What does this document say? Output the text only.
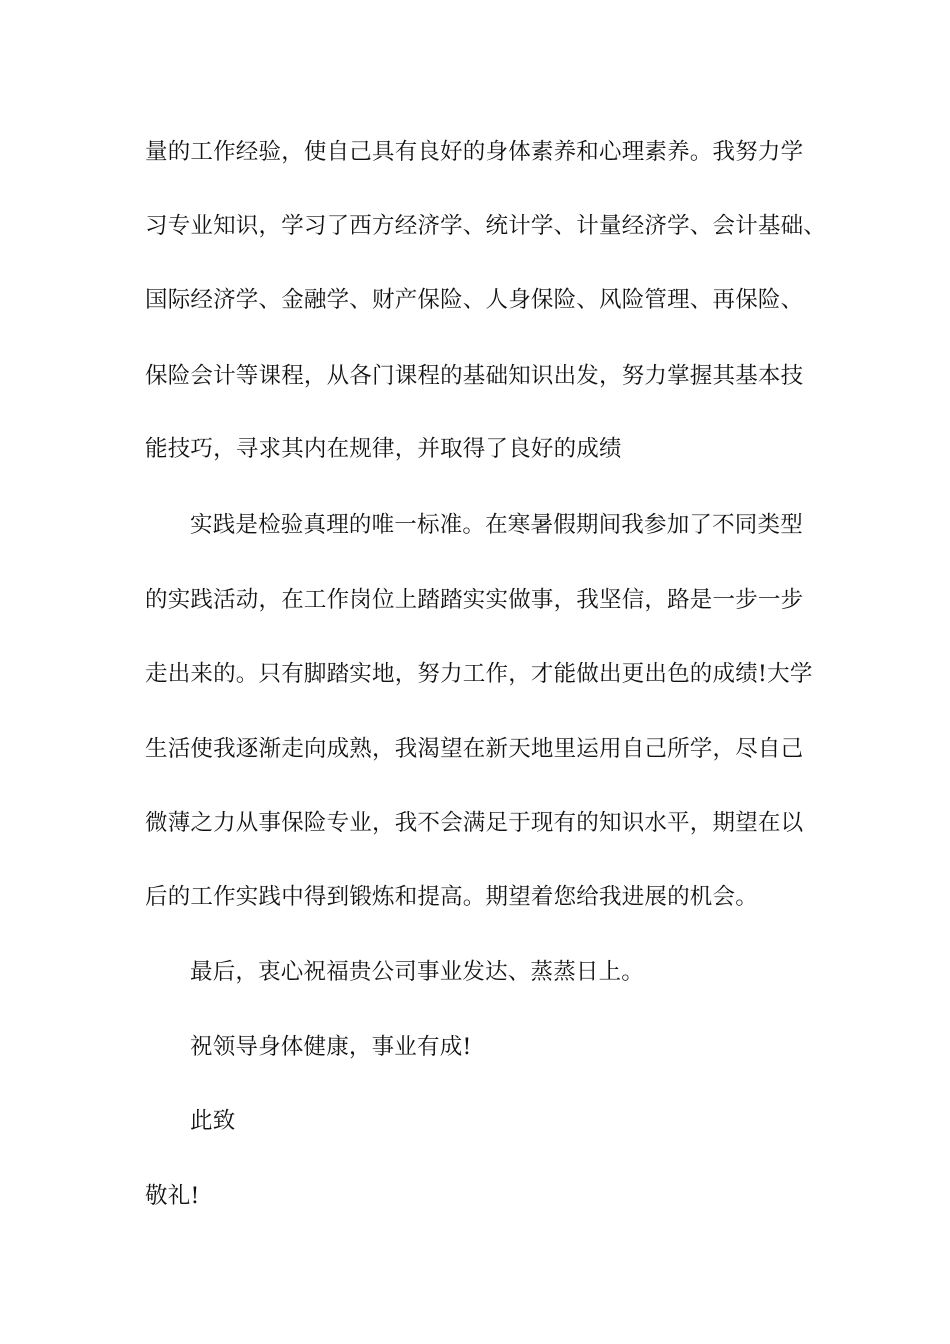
量的工作经验，使自己具有良好的身体素养和心理素养。我努力学
习专业知识，学习了西方经济学、统计学、计量经济学、会计基础、
国际经济学、金融学、财产保险、人身保险、风险管理、再保险、
保险会计等课程，从各门课程的基础知识出发，努力掌握其基本技
能技巧，寻求其内在规律，并取得了良好的成绩
实践是检验真理的唯一标准。在寒暑假期间我参加了不同类型
的实践活动，在工作岗位上踏踏实实做事，我坚信，路是一步一步
走出来的。只有脚踏实地，努力工作，才能做出更出色的成绩!大学
生活使我逐渐走向成熟，我渴望在新天地里运用自己所学，尽自己
微薄之力从事保险专业，我不会满足于现有的知识水平，期望在以
后的工作实践中得到锻炼和提高。期望着您给我进展的机会。
最后，衷心祝福贵公司事业发达、蒸蒸日上。
祝领导身体健康，事业有成!
此致
敬礼!
